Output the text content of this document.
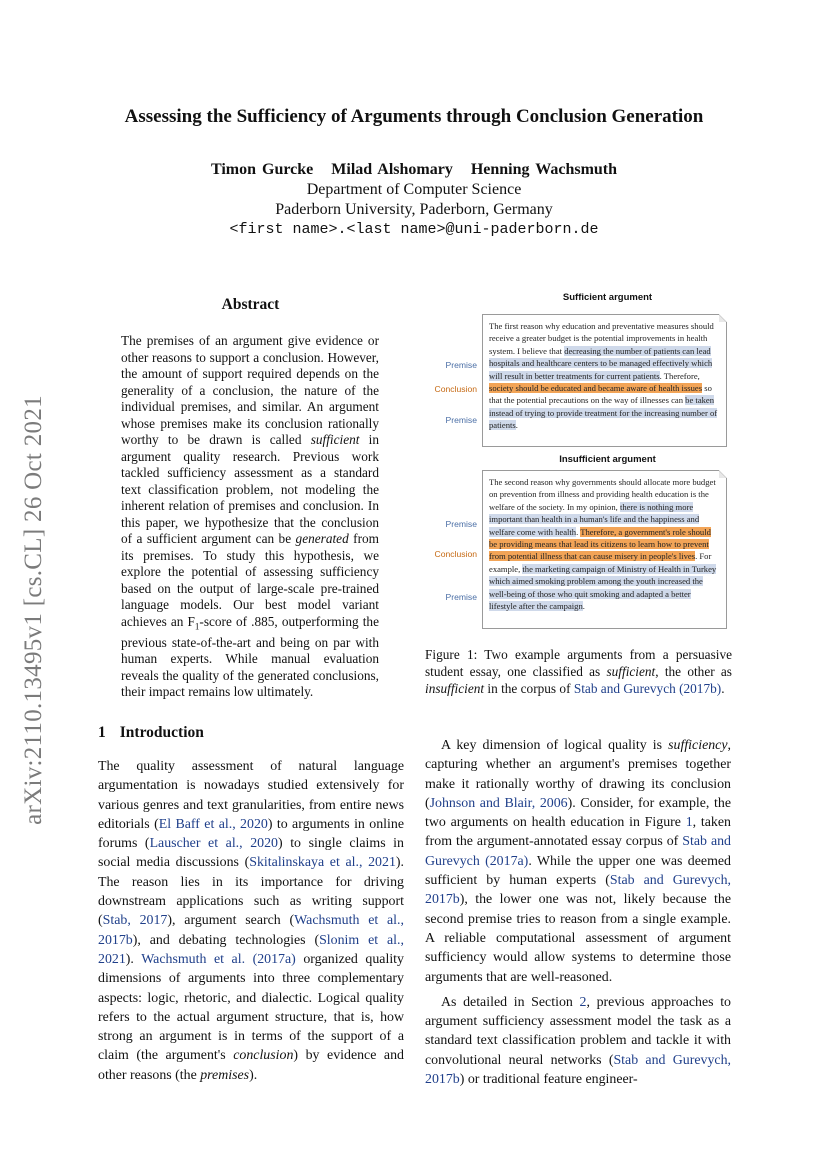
arXiv:2110.13495v1 [cs.CL] 26 Oct 2021
Assessing the Sufficiency of Arguments through Conclusion Generation
Timon Gurcke Milad Alshomary Henning Wachsmuth
Department of Computer Science
Paderborn University, Paderborn, Germany
<first name>.<last name>@uni-paderborn.de
Abstract
The premises of an argument give evidence or other reasons to support a conclusion. However, the amount of support required depends on the generality of a conclusion, the nature of the individual premises, and similar. An argument whose premises make its conclusion rationally worthy to be drawn is called sufficient in argument quality research. Previous work tackled sufficiency assessment as a standard text classification problem, not modeling the inherent relation of premises and conclusion. In this paper, we hypothesize that the conclusion of a sufficient argument can be generated from its premises. To study this hypothesis, we explore the potential of assessing sufficiency based on the output of large-scale pre-trained language models. Our best model variant achieves an $F_1$-score of .885, outperforming the previous state-of-the-art and being on par with human experts. While manual evaluation reveals the quality of the generated conclusions, their impact remains low ultimately.
Sufficient argument
The first reason why education and preventative measures should receive a greater budget is the potential improvements in health system. I believe that decreasing the number of patients can lead hospitals and healthcare centers to be managed effectively which will result in better treatments for current patients. Therefore, society should be educated and became aware of health issues so that the potential precautions on the way of illnesses can be taken instead of trying to provide treatment for the increasing number of patients.
Premise
Conclusion
Premise
Insufficient argument
The second reason why governments should allocate more budget on prevention from illness and providing health education is the welfare of the society. In my opinion, there is nothing more important than health in a human's life and the happiness and welfare come with health. Therefore, a government's role should be providing means that lead its citizens to learn how to prevent from potential illness that can cause misery in people's lives. For example, the marketing campaign of Ministry of Health in Turkey which aimed smoking problem among the youth increased the well-being of those who quit smoking and adapted a better lifestyle after the campaign.
Premise
Conclusion
Premise
Figure 1: Two example arguments from a persuasive student essay, one classified as sufficient, the other as insufficient in the corpus of Stab and Gurevych (2017b).
1 Introduction

The quality assessment of natural language argumentation is nowadays studied extensively for various genres and text granularities, from entire news editorials (El Baff et al., 2020) to arguments in online forums (Lauscher et al., 2020) to single claims in social media discussions (Skitalinskaya et al., 2021). The reason lies in its importance for driving downstream applications such as writing support (Stab, 2017), argument search (Wachsmuth et al., 2017b), and debating technologies (Slonim et al., 2021). Wachsmuth et al. (2017a) organized quality dimensions of arguments into three complementary aspects: logic, rhetoric, and dialectic. Logical quality refers to the actual argument structure, that is, how strong an argument is in terms of the support of a claim (the argument's conclusion) by evidence and other reasons (the premises).

A key dimension of logical quality is sufficiency, capturing whether an argument's premises together make it rationally worthy of drawing its conclusion (Johnson and Blair, 2006). Consider, for example, the two arguments on health education in Figure 1, taken from the argument-annotated essay corpus of Stab and Gurevych (2017a). While the upper one was deemed sufficient by human experts (Stab and Gurevych, 2017b), the lower one was not, likely because the second premise tries to reason from a single example. A reliable computational assessment of argument sufficiency would allow systems to determine those arguments that are well-reasoned.

As detailed in Section 2, previous approaches to argument sufficiency assessment model the task as a standard text classification problem and tackle it with convolutional neural networks (Stab and Gurevych, 2017b) or traditional feature engineer-
